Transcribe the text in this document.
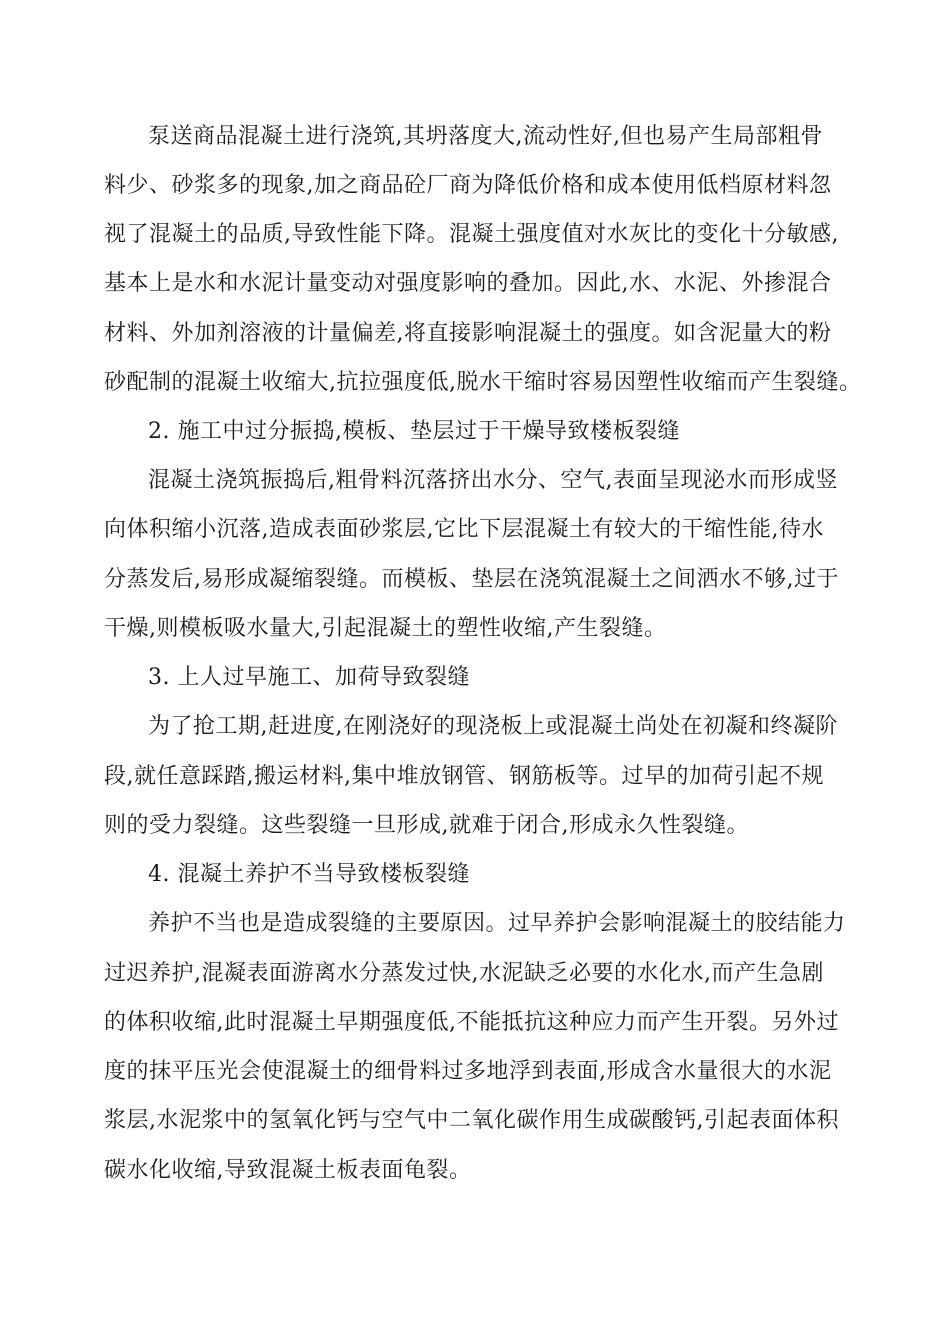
泵送商品混凝土进行浇筑,其坍落度大,流动性好,但也易产生局部粗骨
料少、砂浆多的现象,加之商品砼厂商为降低价格和成本使用低档原材料忽
视了混凝土的品质,导致性能下降。混凝土强度值对水灰比的变化十分敏感,
基本上是水和水泥计量变动对强度影响的叠加。因此,水、水泥、外掺混合
材料、外加剂溶液的计量偏差,将直接影响混凝土的强度。如含泥量大的粉
砂配制的混凝土收缩大,抗拉强度低,脱水干缩时容易因塑性收缩而产生裂缝。
2. 施工中过分振捣,模板、垫层过于干燥导致楼板裂缝
混凝土浇筑振捣后,粗骨料沉落挤出水分、空气,表面呈现泌水而形成竖
向体积缩小沉落,造成表面砂浆层,它比下层混凝土有较大的干缩性能,待水
分蒸发后,易形成凝缩裂缝。而模板、垫层在浇筑混凝土之间洒水不够,过于
干燥,则模板吸水量大,引起混凝土的塑性收缩,产生裂缝。
3. 上人过早施工、加荷导致裂缝
为了抢工期,赶进度,在刚浇好的现浇板上或混凝土尚处在初凝和终凝阶
段,就任意踩踏,搬运材料,集中堆放钢管、钢筋板等。过早的加荷引起不规
则的受力裂缝。这些裂缝一旦形成,就难于闭合,形成永久性裂缝。
4. 混凝土养护不当导致楼板裂缝
养护不当也是造成裂缝的主要原因。过早养护会影响混凝土的胶结能力
过迟养护,混凝表面游离水分蒸发过快,水泥缺乏必要的水化水,而产生急剧
的体积收缩,此时混凝土早期强度低,不能抵抗这种应力而产生开裂。另外过
度的抹平压光会使混凝土的细骨料过多地浮到表面,形成含水量很大的水泥
浆层,水泥浆中的氢氧化钙与空气中二氧化碳作用生成碳酸钙,引起表面体积
碳水化收缩,导致混凝土板表面龟裂。
